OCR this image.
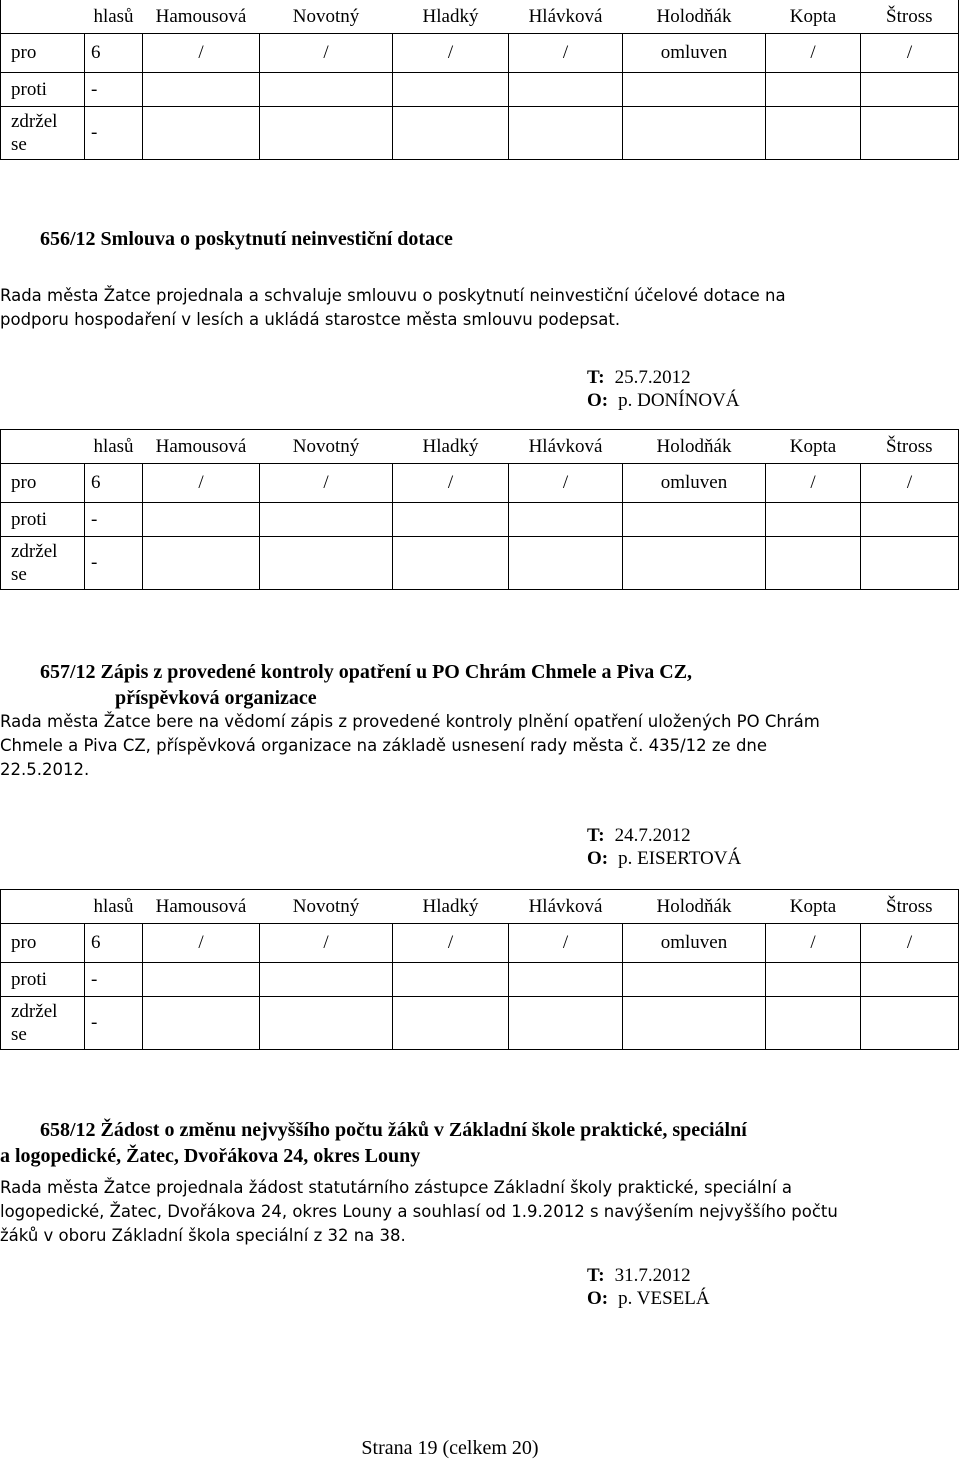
	hlasů	Hamousová	Novotný	Hladký	Hlávková	Holodňák	Kopta	Štross
pro	6	/	/	/	/	omluven	/	/
proti	-							

zdržel
se	-							
656/12 Smlouva o poskytnutí neinvestiční dotace
Rada města Žatce projednala a schvaluje smlouvu o poskytnutí neinvestiční účelové dotace na
podporu hospodaření v lesích a ukládá starostce města smlouvu podepsat.
T: 25.7.2012
O: p. DONÍNOVÁ
	hlasů	Hamousová	Novotný	Hladký	Hlávková	Holodňák	Kopta	Štross
pro	6	/	/	/	/	omluven	/	/
proti	-							

zdržel
se	-							
657/12 Zápis z provedené kontroly opatření u PO Chrám Chmele a Piva CZ,
příspěvková organizace
Rada města Žatce bere na vědomí zápis z provedené kontroly plnění opatření uložených PO Chrám
Chmele a Piva CZ, příspěvková organizace na základě usnesení rady města č. 435/12 ze dne
22.5.2012.
T: 24.7.2012
O: p. EISERTOVÁ
	hlasů	Hamousová	Novotný	Hladký	Hlávková	Holodňák	Kopta	Štross
pro	6	/	/	/	/	omluven	/	/
proti	-							

zdržel
se	-							
658/12 Žádost o změnu nejvyššího počtu žáků v Základní škole praktické, speciální
a logopedické, Žatec, Dvořákova 24, okres Louny
Rada města Žatce projednala žádost statutárního zástupce Základní školy praktické, speciální a
logopedické, Žatec, Dvořákova 24, okres Louny a souhlasí od 1.9.2012 s navýšením nejvyššího počtu
žáků v oboru Základní škola speciální z 32 na 38.
T: 31.7.2012
O: p. VESELÁ
Strana 19 (celkem 20)
